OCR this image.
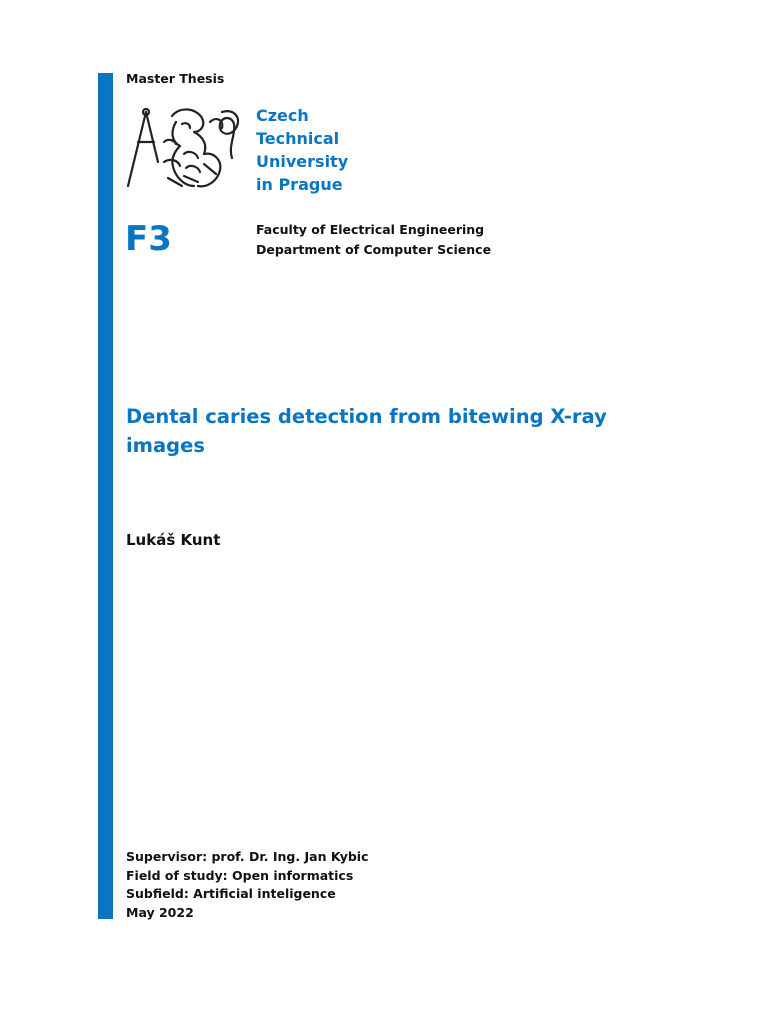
Master Thesis
Czech
Technical
University
in Prague
F3	Faculty of Electrical Engineering
Department of Computer Science
Dental caries detection from bitewing X-ray images
Lukáš Kunt
Supervisor: prof. Dr. Ing. Jan Kybic
Field of study: Open informatics
Subfield: Artificial inteligence
May 2022
